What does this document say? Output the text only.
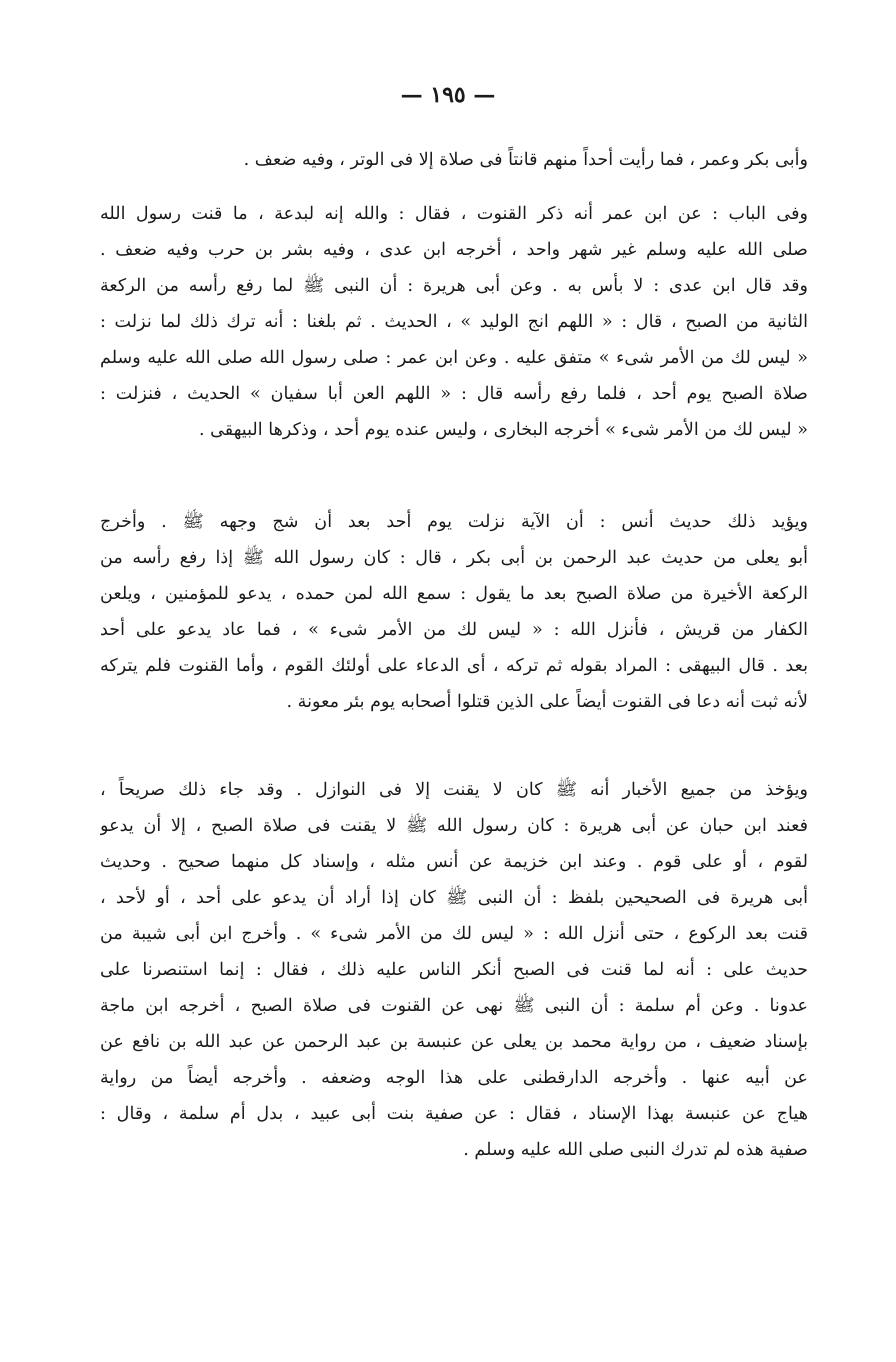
— ١٩٥ —
وأبى بكر وعمر ، فما رأيت أحداً منهم قانتاً فى صلاة إلا فى الوتر ، وفيه ضعف .
وفى الباب : عن ابن عمر أنه ذكر القنوت ، فقال : والله إنه لبدعة ، ما قنت رسول الله
صلى الله عليه وسلم غير شهر واحد ، أخرجه ابن عدى ، وفيه بشر بن حرب وفيه ضعف .
وقد قال ابن عدى : لا بأس به . وعن أبى هريرة : أن النبى ﷺ لما رفع رأسه من الركعة
الثانية من الصبح ، قال : « اللهم انج الوليد » ، الحديث . ثم بلغنا : أنه ترك ذلك لما نزلت :
« ليس لك من الأمر شىء » متفق عليه . وعن ابن عمر : صلى رسول الله صلى الله عليه وسلم
صلاة الصبح يوم أحد ، فلما رفع رأسه قال : « اللهم العن أبا سفيان » الحديث ، فنزلت :
« ليس لك من الأمر شىء » أخرجه البخارى ، وليس عنده يوم أحد ، وذكرها البيهقى .
ويؤيد ذلك حديث أنس : أن الآية نزلت يوم أحد بعد أن شج وجهه ﷺ . وأخرج
أبو يعلى من حديث عبد الرحمن بن أبى بكر ، قال : كان رسول الله ﷺ إذا رفع رأسه من
الركعة الأخيرة من صلاة الصبح بعد ما يقول : سمع الله لمن حمده ، يدعو للمؤمنين ، ويلعن
الكفار من قريش ، فأنزل الله : « ليس لك من الأمر شىء » ، فما عاد يدعو على أحد
بعد . قال البيهقى : المراد بقوله ثم تركه ، أى الدعاء على أولئك القوم ، وأما القنوت فلم يتركه
لأنه ثبت أنه دعا فى القنوت أيضاً على الذين قتلوا أصحابه يوم بئر معونة .
ويؤخذ من جميع الأخبار أنه ﷺ كان لا يقنت إلا فى النوازل . وقد جاء ذلك صريحاً ،
فعند ابن حبان عن أبى هريرة : كان رسول الله ﷺ لا يقنت فى صلاة الصبح ، إلا أن يدعو
لقوم ، أو على قوم . وعند ابن خزيمة عن أنس مثله ، وإسناد كل منهما صحيح . وحديث
أبى هريرة فى الصحيحين بلفظ : أن النبى ﷺ كان إذا أراد أن يدعو على أحد ، أو لأحد ،
قنت بعد الركوع ، حتى أنزل الله : « ليس لك من الأمر شىء » . وأخرج ابن أبى شيبة من
حديث على : أنه لما قنت فى الصبح أنكر الناس عليه ذلك ، فقال : إنما استنصرنا على
عدونا . وعن أم سلمة : أن النبى ﷺ نهى عن القنوت فى صلاة الصبح ، أخرجه ابن ماجة
بإسناد ضعيف ، من رواية محمد بن يعلى عن عنبسة بن عبد الرحمن عن عبد الله بن نافع عن
عن أبيه عنها . وأخرجه الدارقطنى على هذا الوجه وضعفه . وأخرجه أيضاً من رواية
هياج عن عنبسة بهذا الإسناد ، فقال : عن صفية بنت أبى عبيد ، بدل أم سلمة ، وقال :
صفية هذه لم تدرك النبى صلى الله عليه وسلم .
